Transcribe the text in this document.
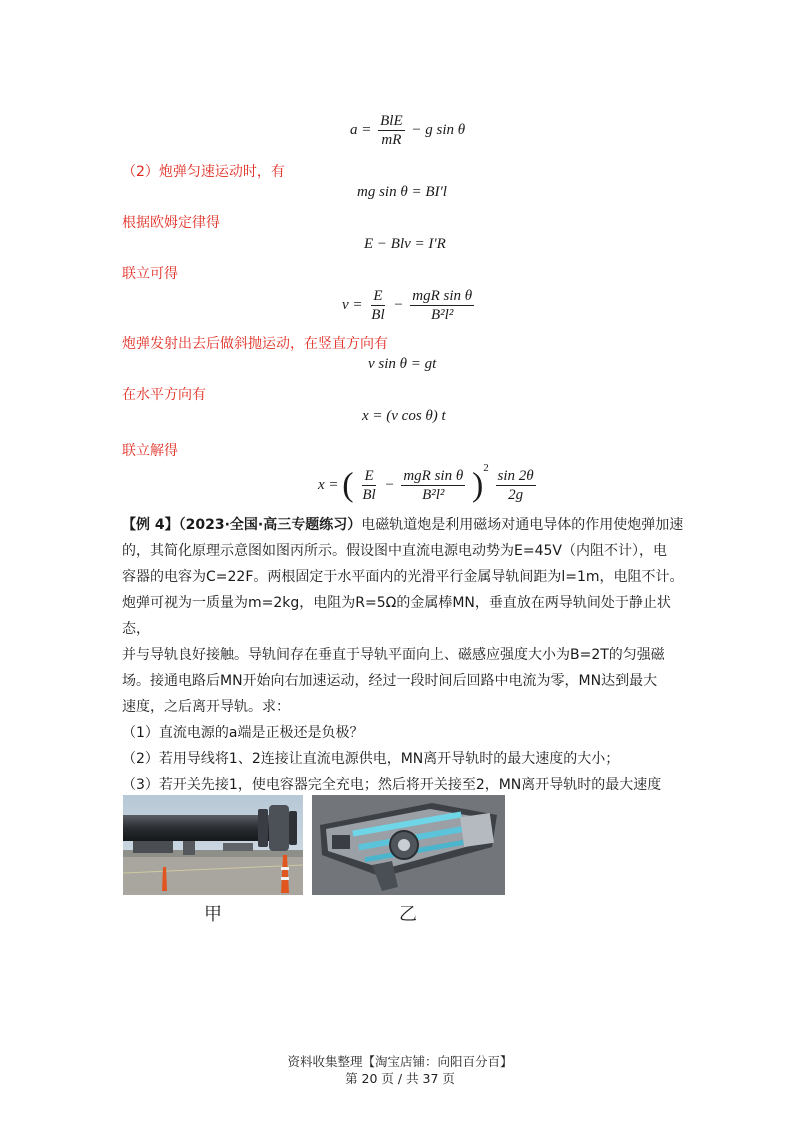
$a = \frac{\text{BlE}}{mR} - g$ sin θ
（2）炮弹匀速运动时，有
mg sin θ = BI′l
根据欧姆定律得
E − Blv = I′R
联立可得
$v = \frac{E}{Bl} - \frac{\text{mgR sin θ}}{\text{B²l²}}$
炮弹发射出去后做斜抛运动，在竖直方向有
v sin θ = gt
在水平方向有
x = (v cos θ) t
联立解得
x = ( $\frac{E}{Bl} - \frac{\text{mgR sin θ}}{\text{B²l²}} )^2 \frac{\sin 2\theta}{2g}$

【例 4】（2023·全国·高三专题练习）电磁轨道炮是利用磁场对通电导体的作用使炮弹加速

的，其简化原理示意图如图丙所示。假设图中直流电源电动势为E=45V（内阻不计），电

容器的电容为C=22F。两根固定于水平面内的光滑平行金属导轨间距为l=1m，电阻不计。

炮弹可视为一质量为m=2kg，电阻为R=5Ω的金属棒MN，垂直放在两导轨间处于静止状态，

并与导轨良好接触。导轨间存在垂直于导轨平面向上、磁感应强度大小为B=2T的匀强磁

场。接通电路后MN开始向右加速运动，经过一段时间后回路中电流为零，MN达到最大

速度，之后离开导轨。求：

（1）直流电源的a端是正极还是负极？

（2）若用导线将1、2连接让直流电源供电，MN离开导轨时的最大速度的大小；

（3）若开关先接1，使电容器完全充电；然后将开关接至2，MN离开导轨时的最大速度

甲	乙
资料收集整理【淘宝店铺：向阳百分百】
第 20 页 / 共 37 页
